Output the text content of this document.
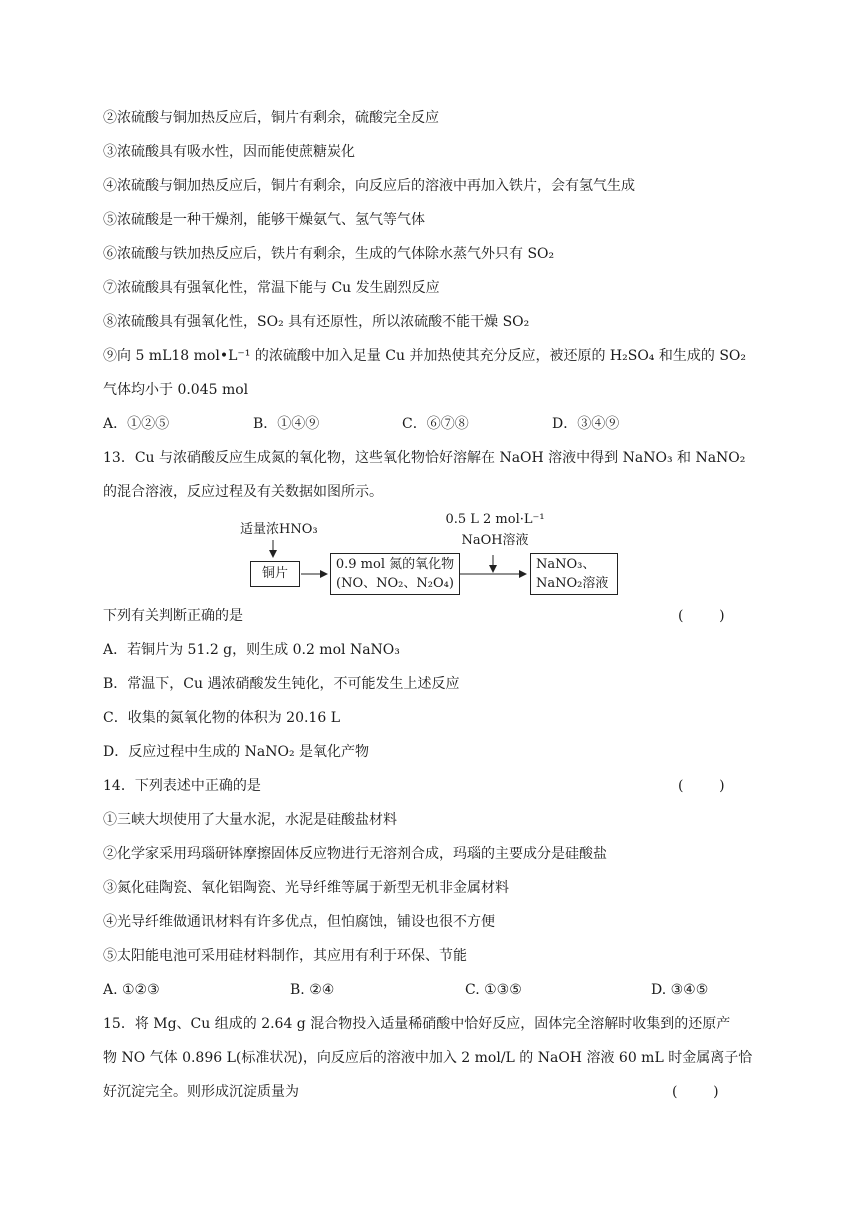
②浓硫酸与铜加热反应后，铜片有剩余，硫酸完全反应
③浓硫酸具有吸水性，因而能使蔗糖炭化
④浓硫酸与铜加热反应后，铜片有剩余，向反应后的溶液中再加入铁片，会有氢气生成
⑤浓硫酸是一种干燥剂，能够干燥氨气、氢气等气体
⑥浓硫酸与铁加热反应后，铁片有剩余，生成的气体除水蒸气外只有 SO₂
⑦浓硫酸具有强氧化性，常温下能与 Cu 发生剧烈反应
⑧浓硫酸具有强氧化性，SO₂ 具有还原性，所以浓硫酸不能干燥 SO₂
⑨向 5 mL18 mol•L⁻¹ 的浓硫酸中加入足量 Cu 并加热使其充分反应，被还原的 H₂SO₄ 和生成的 SO₂
气体均小于 0.045 mol
A．①②⑤	B．①④⑨	C．⑥⑦⑧	D．③④⑨
13．Cu 与浓硝酸反应生成氮的氧化物，这些氧化物恰好溶解在 NaOH 溶液中得到 NaNO₃ 和 NaNO₂
的混合溶液，反应过程及有关数据如图所示。
适量浓HNO₃
铜片
0.9 mol 氮的氧化物
(NO、NO₂、N₂O₄)
0.5 L 2 mol·L⁻¹
NaOH溶液
NaNO₃、
NaNO₂溶液
下列有关判断正确的是	(        )
A．若铜片为 51.2 g，则生成 0.2 mol NaNO₃
B．常温下，Cu 遇浓硝酸发生钝化，不可能发生上述反应
C．收集的氮氧化物的体积为 20.16 L
D．反应过程中生成的 NaNO₂ 是氧化产物
14．下列表述中正确的是	(        )
①三峡大坝使用了大量水泥，水泥是硅酸盐材料
②化学家采用玛瑙研钵摩擦固体反应物进行无溶剂合成，玛瑙的主要成分是硅酸盐
③氮化硅陶瓷、氧化铝陶瓷、光导纤维等属于新型无机非金属材料
④光导纤维做通讯材料有许多优点，但怕腐蚀，铺设也很不方便
⑤太阳能电池可采用硅材料制作，其应用有利于环保、节能
A. ①②③	B. ②④	C. ①③⑤	D. ③④⑤
15．将 Mg、Cu 组成的 2.64 g 混合物投入适量稀硝酸中恰好反应，固体完全溶解时收集到的还原产
物 NO 气体 0.896 L(标准状况)，向反应后的溶液中加入 2 mol/L 的 NaOH 溶液 60 mL 时金属离子恰
好沉淀完全。则形成沉淀质量为	(        )
